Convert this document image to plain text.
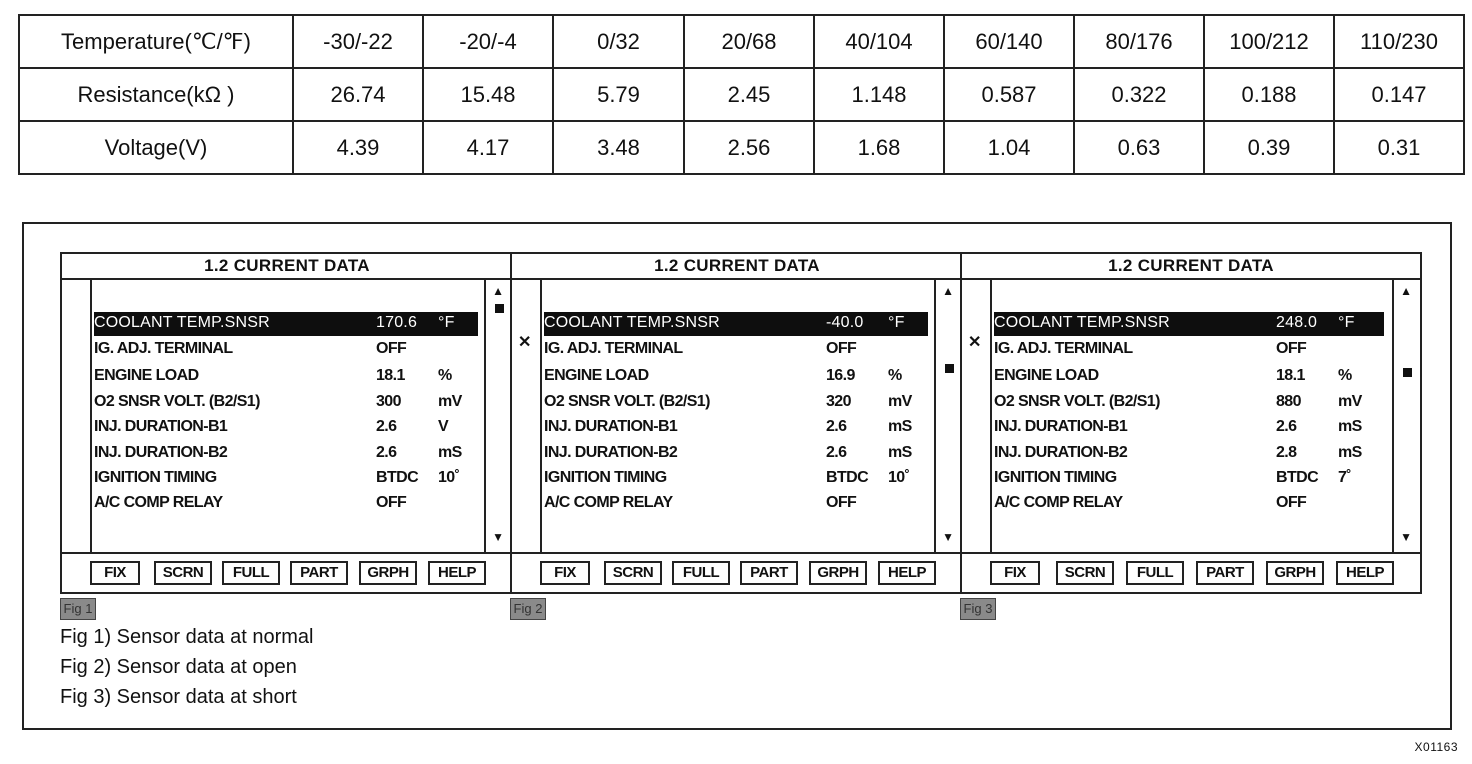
Temperature(℃/℉)	-30/-22	-20/-4	0/32	20/68	40/104	60/140	80/176	100/212	110/230
Resistance(kΩ )	26.74	15.48	5.79	2.45	1.148	0.587	0.322	0.188	0.147
Voltage(V)	4.39	4.17	3.48	2.56	1.68	1.04	0.63	0.39	0.31
1.2 CURRENT DATA
▲
▼
COOLANT TEMP.SNSR	170.6 °F
IG. ADJ. TERMINAL	OFF
ENGINE LOAD	18.1 %
O2 SNSR VOLT. (B2/S1)	300 mV
INJ. DURATION-B1	2.6	V
INJ. DURATION-B2	2.6	mS
IGNITION TIMING	BTDC 10˚
A/C COMP RELAY	OFF
FIX	SCRN	FULL	PART	GRPH	HELP
1.2 CURRENT DATA
✕
▲
▼
COOLANT TEMP.SNSR	-40.0 °F
IG. ADJ. TERMINAL	OFF
ENGINE LOAD	16.9 %
O2 SNSR VOLT. (B2/S1)	320 mV
INJ. DURATION-B1	2.6	mS
INJ. DURATION-B2	2.6	mS
IGNITION TIMING	BTDC 10˚
A/C COMP RELAY	OFF
FIX	SCRN	FULL	PART	GRPH	HELP
1.2 CURRENT DATA
✕
▲
▼
COOLANT TEMP.SNSR	248.0 °F
IG. ADJ. TERMINAL	OFF
ENGINE LOAD	18.1 %
O2 SNSR VOLT. (B2/S1)	880 mV
INJ. DURATION-B1	2.6	mS
INJ. DURATION-B2	2.8	mS
IGNITION TIMING	BTDC 7˚
A/C COMP RELAY	OFF
FIX	SCRN	FULL	PART	GRPH	HELP
Fig 1	Fig 2	Fig 3
Fig 1) Sensor data at normal
Fig 2) Sensor data at open
Fig 3) Sensor data at short
X01163
